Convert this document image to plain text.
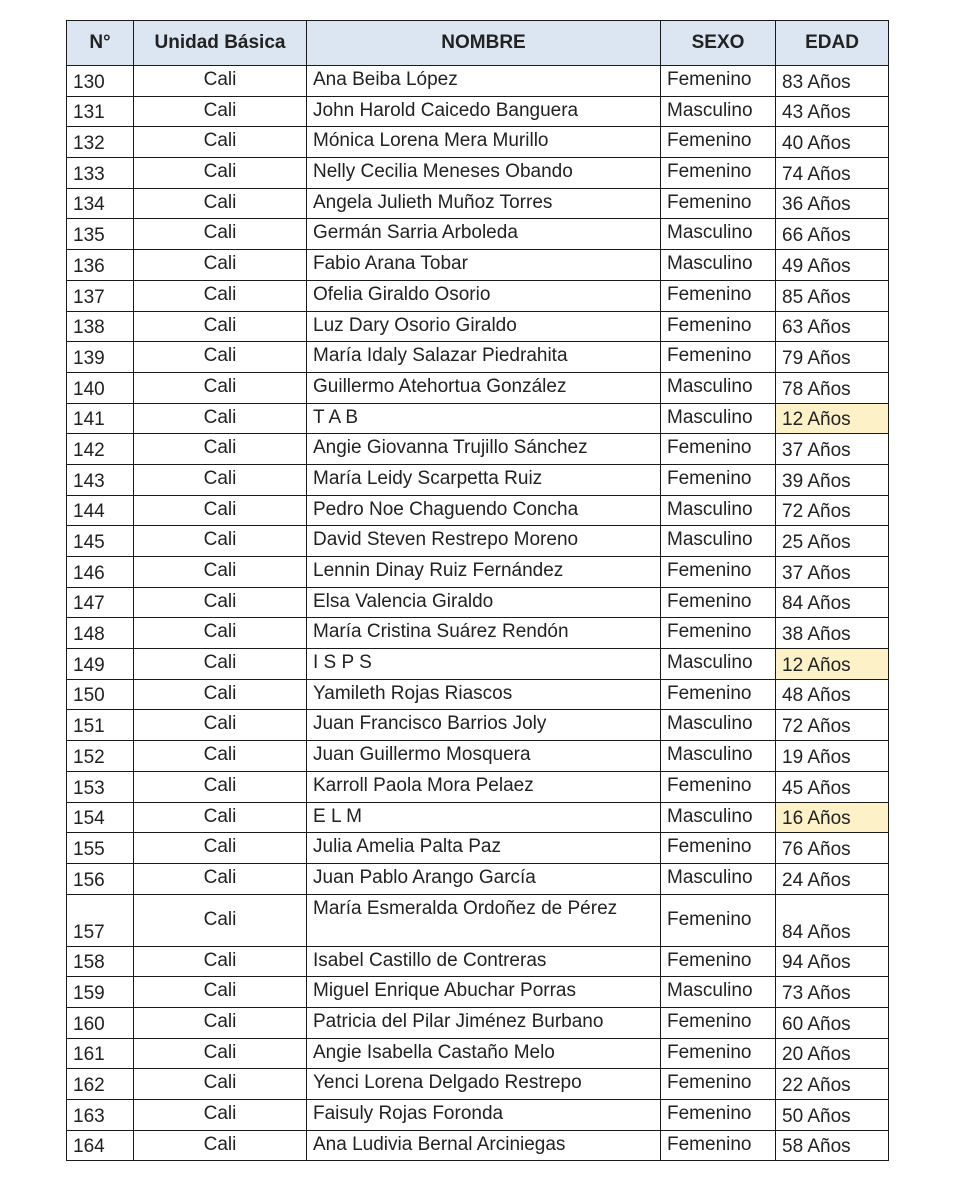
N°	Unidad Básica	NOMBRE	SEXO	EDAD
130	Cali	Ana Beiba López	Femenino	83 Años
131	Cali	John Harold Caicedo Banguera	Masculino	43 Años
132	Cali	Mónica Lorena Mera Murillo	Femenino	40 Años
133	Cali	Nelly Cecilia Meneses Obando	Femenino	74 Años
134	Cali	Angela Julieth Muñoz Torres	Femenino	36 Años
135	Cali	Germán Sarria Arboleda	Masculino	66 Años
136	Cali	Fabio Arana Tobar	Masculino	49 Años
137	Cali	Ofelia Giraldo Osorio	Femenino	85 Años
138	Cali	Luz Dary Osorio Giraldo	Femenino	63 Años
139	Cali	María Idaly Salazar Piedrahita	Femenino	79 Años
140	Cali	Guillermo Atehortua González	Masculino	78 Años
141	Cali	T A B	Masculino	12 Años
142	Cali	Angie Giovanna Trujillo Sánchez	Femenino	37 Años
143	Cali	María Leidy Scarpetta Ruiz	Femenino	39 Años
144	Cali	Pedro Noe Chaguendo Concha	Masculino	72 Años
145	Cali	David Steven Restrepo Moreno	Masculino	25 Años
146	Cali	Lennin Dinay Ruiz Fernández	Femenino	37 Años
147	Cali	Elsa Valencia Giraldo	Femenino	84 Años
148	Cali	María Cristina Suárez Rendón	Femenino	38 Años
149	Cali	I S P S	Masculino	12 Años
150	Cali	Yamileth Rojas Riascos	Femenino	48 Años
151	Cali	Juan Francisco Barrios Joly	Masculino	72 Años
152	Cali	Juan Guillermo Mosquera	Masculino	19 Años
153	Cali	Karroll Paola Mora Pelaez	Femenino	45 Años
154	Cali	E L M	Masculino	16 Años
155	Cali	Julia Amelia Palta Paz	Femenino	76 Años
156	Cali	Juan Pablo Arango García	Masculino	24 Años
157	Cali	María Esmeralda Ordoñez de Pérez	Femenino	84 Años
158	Cali	Isabel Castillo de Contreras	Femenino	94 Años
159	Cali	Miguel Enrique Abuchar Porras	Masculino	73 Años
160	Cali	Patricia del Pilar Jiménez Burbano	Femenino	60 Años
161	Cali	Angie Isabella Castaño Melo	Femenino	20 Años
162	Cali	Yenci Lorena Delgado Restrepo	Femenino	22 Años
163	Cali	Faisuly Rojas Foronda	Femenino	50 Años
164	Cali	Ana Ludivia Bernal Arciniegas	Femenino	58 Años
